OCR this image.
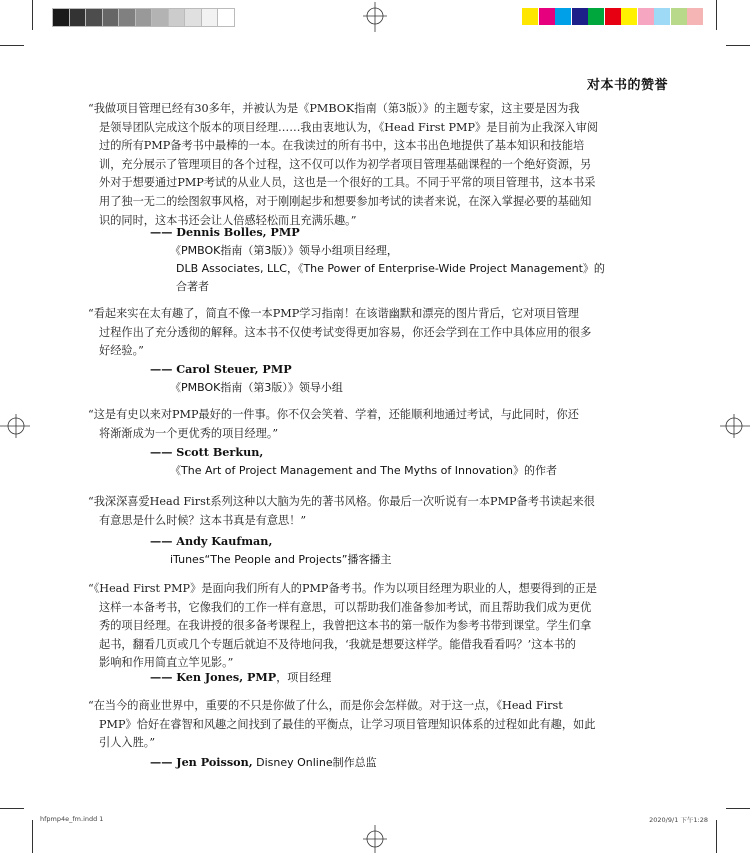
对本书的赞誉
“我做项目管理已经有30多年，并被认为是《PMBOK指南（第3版）》的主题专家，这主要是因为我
是领导团队完成这个版本的项目经理……我由衷地认为，《Head First PMP》是目前为止我深入审阅
过的所有PMP备考书中最棒的一本。在我读过的所有书中，这本书出色地提供了基本知识和技能培
训，充分展示了管理项目的各个过程，这不仅可以作为初学者项目管理基础课程的一个绝好资源，另
外对于想要通过PMP考试的从业人员，这也是一个很好的工具。不同于平常的项目管理书，这本书采
用了独一无二的绘图叙事风格，对于刚刚起步和想要参加考试的读者来说，在深入掌握必要的基础知
识的同时，这本书还会让人倍感轻松而且充满乐趣。”
—— Dennis Bolles, PMP
《PMBOK指南（第3版）》领导小组项目经理，
DLB Associates, LLC，《The Power of Enterprise-Wide Project Management》的
合著者
“看起来实在太有趣了，简直不像一本PMP学习指南！在该谐幽默和漂亮的图片背后，它对项目管理
过程作出了充分透彻的解释。这本书不仅使考试变得更加容易，你还会学到在工作中具体应用的很多
好经验。”
—— Carol Steuer, PMP
《PMBOK指南（第3版）》领导小组
“这是有史以来对PMP最好的一件事。你不仅会笑着、学着，还能顺利地通过考试，与此同时，你还
将渐渐成为一个更优秀的项目经理。”
—— Scott Berkun,
《The Art of Project Management and The Myths of Innovation》的作者
“我深深喜爱Head First系列这种以大脑为先的著书风格。你最后一次听说有一本PMP备考书读起来很
有意思是什么时候？这本书真是有意思！”
—— Andy Kaufman,
iTunes“The People and Projects”播客播主
“《Head First PMP》是面向我们所有人的PMP备考书。作为以项目经理为职业的人，想要得到的正是
这样一本备考书，它像我们的工作一样有意思，可以帮助我们准备参加考试，而且帮助我们成为更优
秀的项目经理。在我讲授的很多备考课程上，我曾把这本书的第一版作为参考书带到课堂。学生们拿
起书，翻看几页或几个专题后就迫不及待地问我，‘我就是想要这样学。能借我看看吗？’这本书的
影响和作用简直立竿见影。”
—— Ken Jones, PMP，项目经理
“在当今的商业世界中，重要的不只是你做了什么，而是你会怎样做。对于这一点，《Head First
PMP》恰好在睿智和风趣之间找到了最佳的平衡点，让学习项目管理知识体系的过程如此有趣，如此
引人入胜。”
—— Jen Poisson, Disney Online制作总监
hfpmp4e_fm.indd 1	2020/9/1 下午1:28
